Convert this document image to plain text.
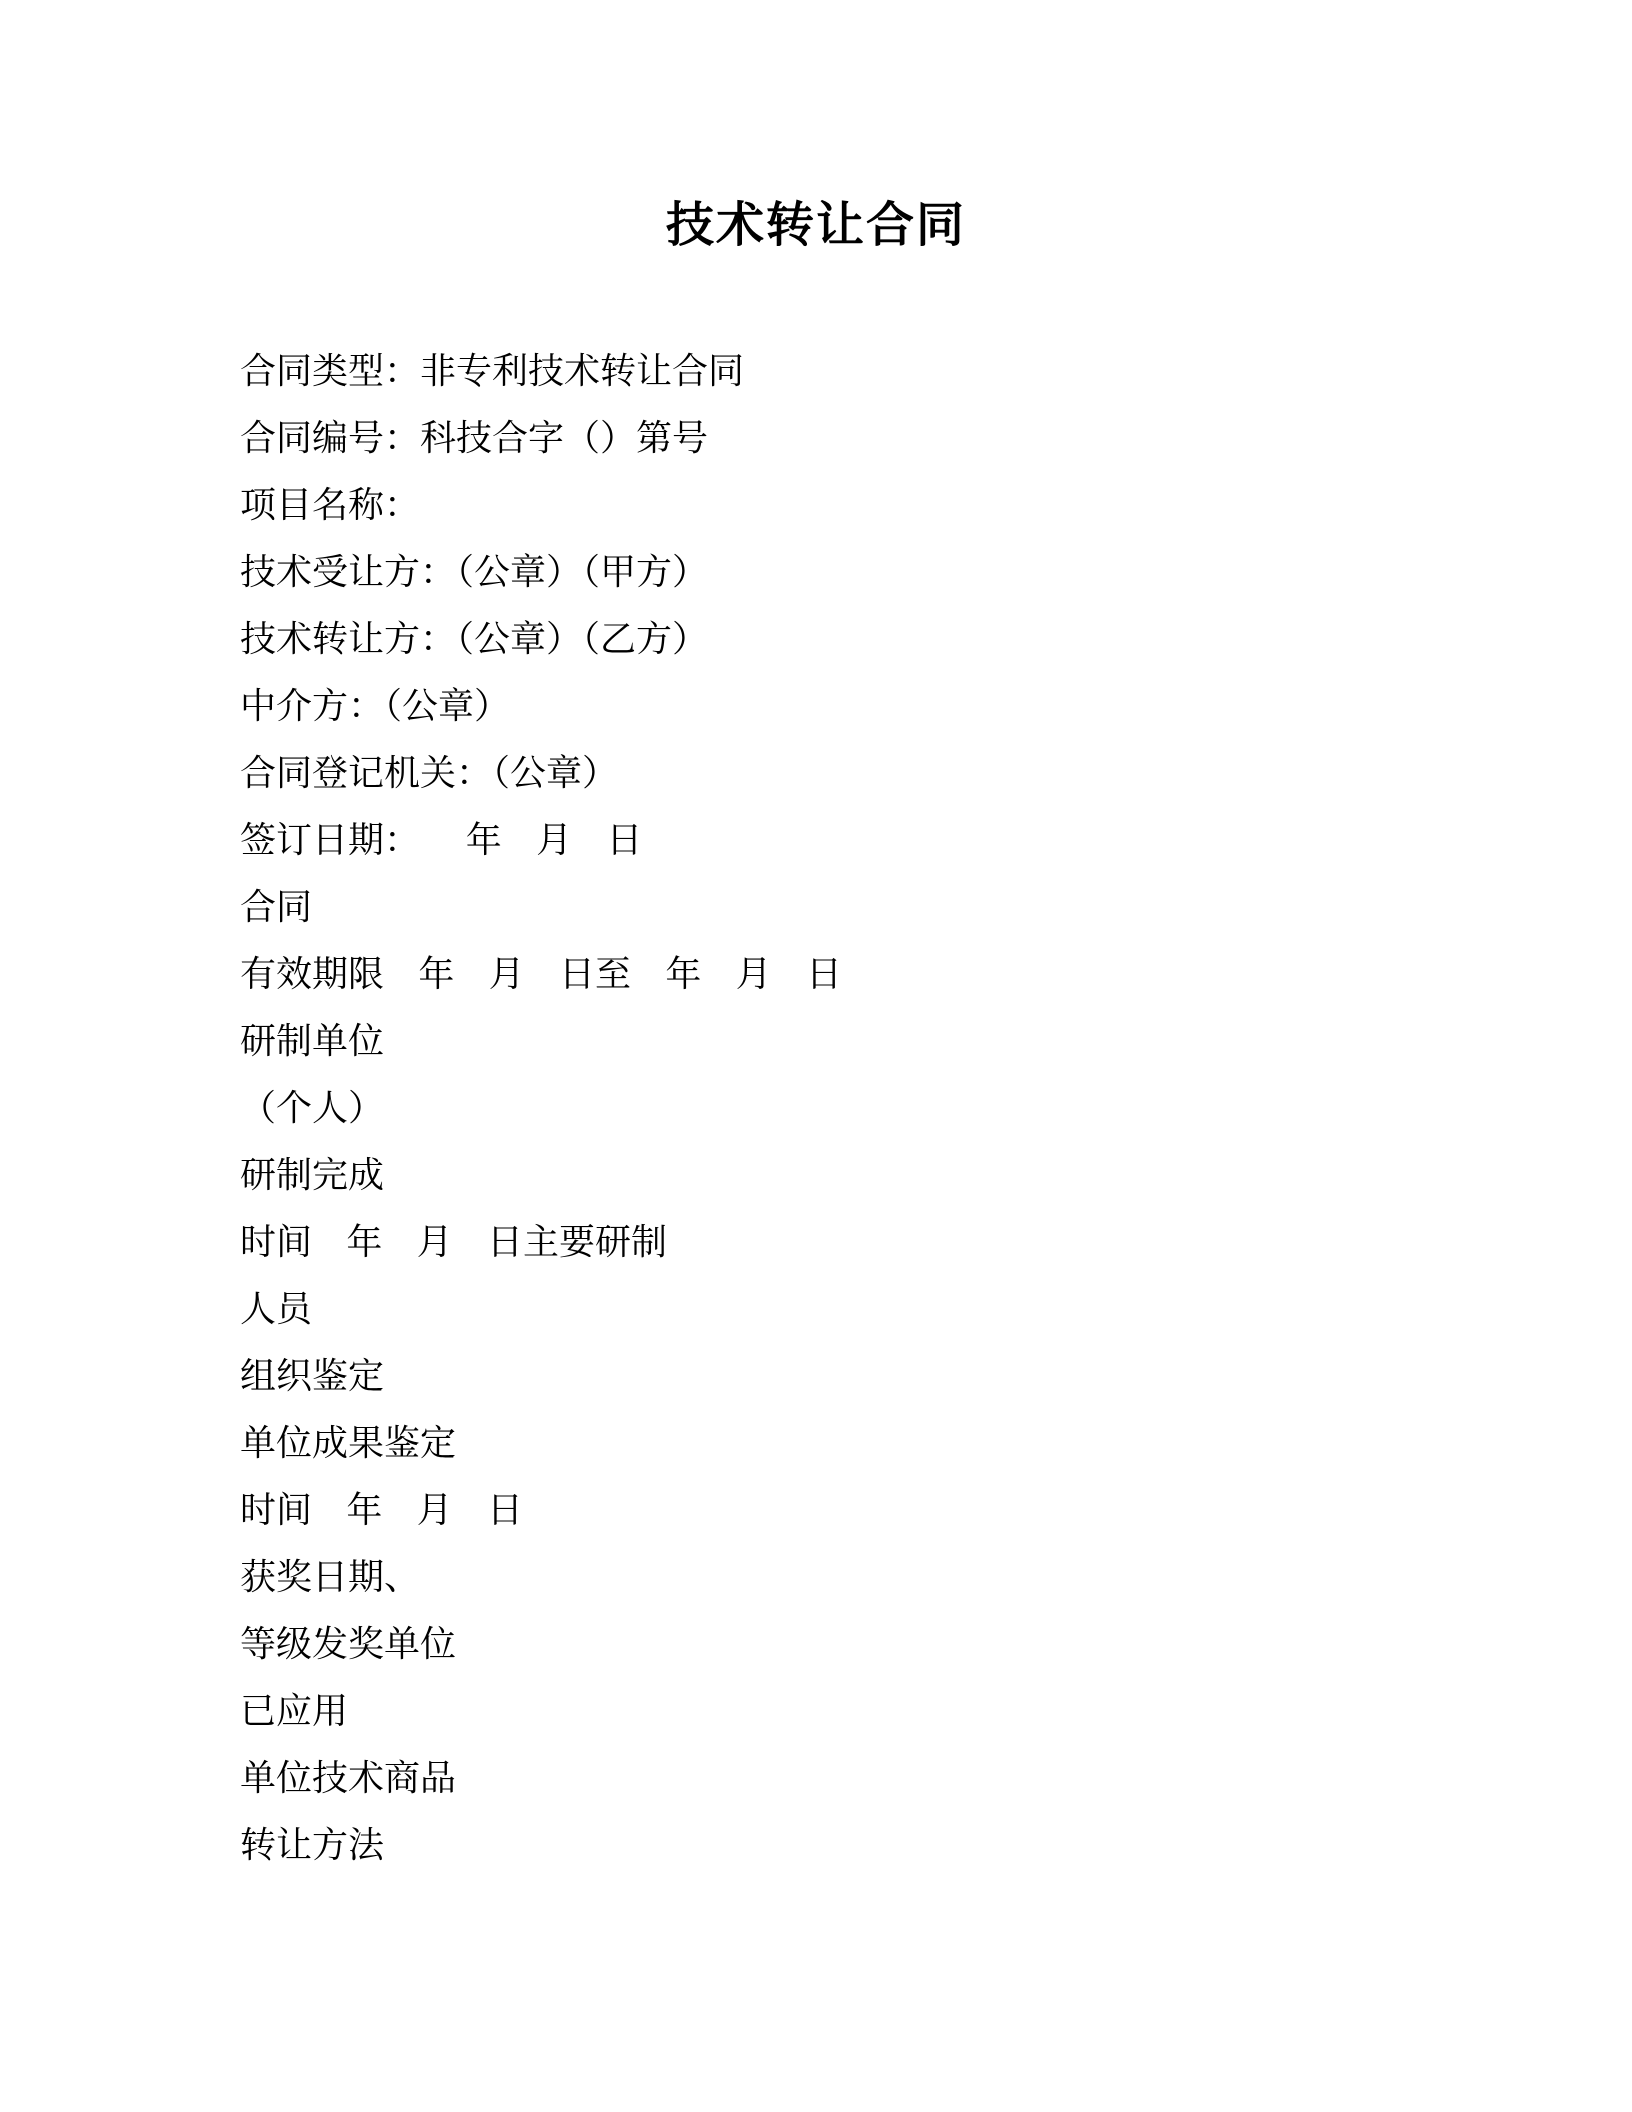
技术转让合同
合同类型：非专利技术转让合同
合同编号：科技合字（）第号
项目名称：
技术受让方：（公章）（甲方）
技术转让方：（公章）（乙方）
中介方：（公章）
合同登记机关：（公章）
签订日期：    年   月   日
合同
有效期限   年   月   日至   年   月   日
研制单位
（个人）
研制完成
时间   年   月   日主要研制
人员
组织鉴定
单位成果鉴定
时间   年   月   日
获奖日期、
等级发奖单位
已应用
单位技术商品
转让方法
